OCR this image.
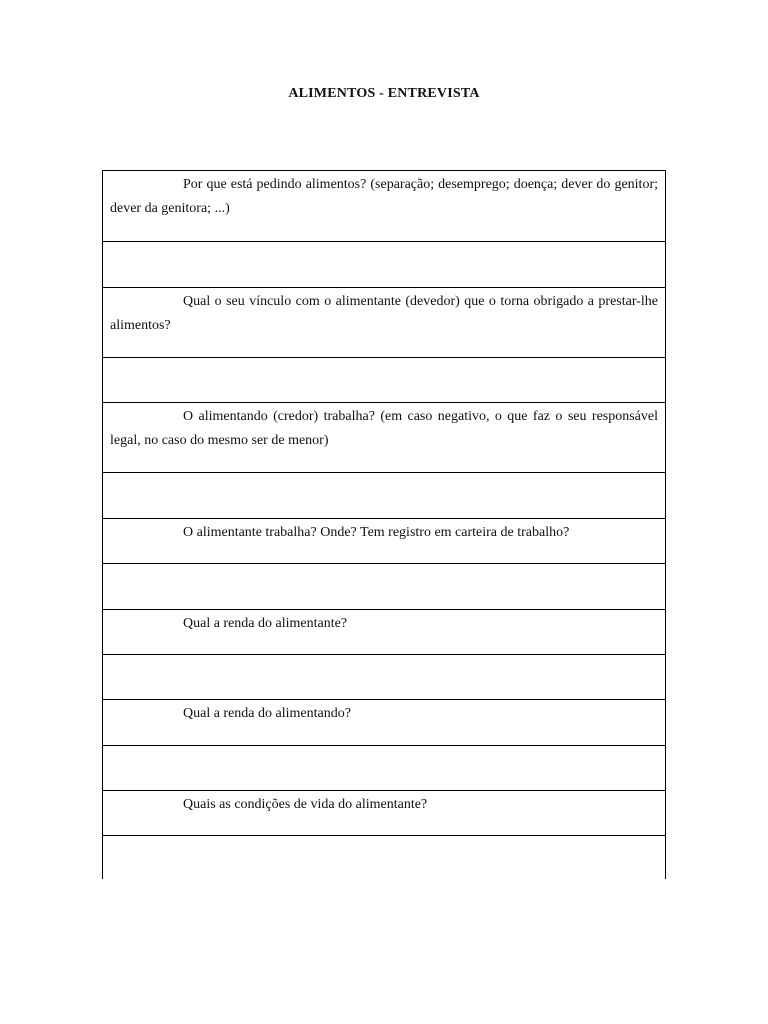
ALIMENTOS - ENTREVISTA
Por que está pedindo alimentos? (separação; desemprego; doença; dever do genitor; dever da genitora; ...)
Qual o seu vínculo com o alimentante (devedor) que o torna obrigado a prestar-lhe alimentos?
O alimentando (credor) trabalha? (em caso negativo, o que faz o seu responsável legal, no caso do mesmo ser de menor)
O alimentante trabalha? Onde? Tem registro em carteira de trabalho?
Qual a renda do alimentante?
Qual a renda do alimentando?
Quais as condições de vida do alimentante?
